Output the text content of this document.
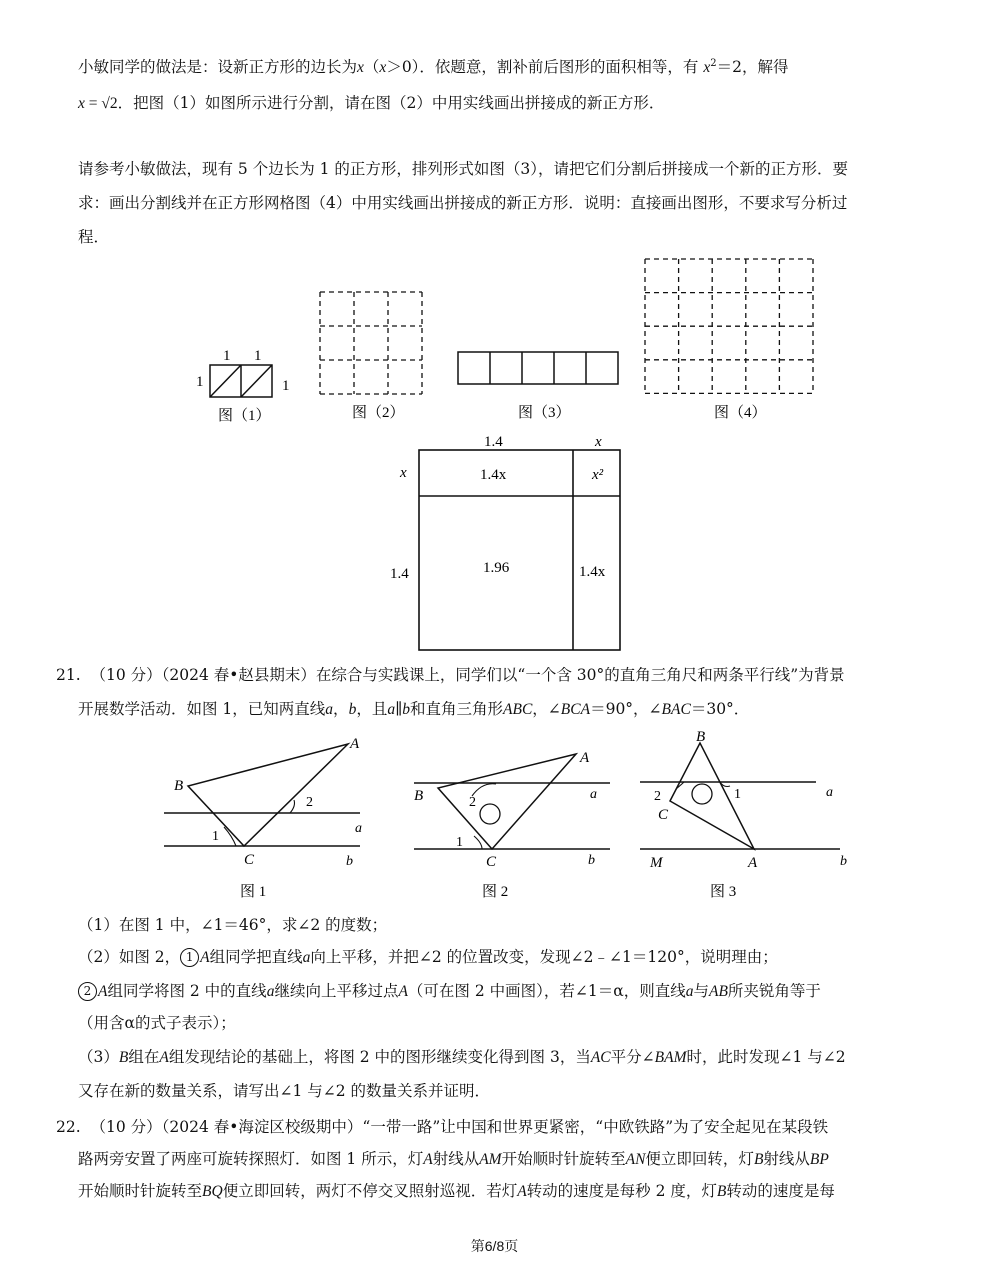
小敏同学的做法是：设新正方形的边长为x（x＞0）．依题意，割补前后图形的面积相等，有 $x^2=2$，解得
x = √2．把图（1）如图所示进行分割，请在图（2）中用实线画出拼接成的新正方形．
请参考小敏做法，现有 5 个边长为 1 的正方形，排列形式如图（3），请把它们分割后拼接成一个新的正方形．要
求：画出分割线并在正方形网格图（4）中用实线画出拼接成的新正方形．说明：直接画出图形，不要求写分析过
程．
1 1
1	1
图（1）	图（2）	图（3）	图（4）
1.4	x
x
1.4
1.4x	x²
1.96	1.4x
21. （10 分）（2024 春•赵县期末）在综合与实践课上，同学们以“一个含 30°的直角三角尺和两条平行线”为背景
开展数学活动．如图 1，已知两直线a，b，且a∥b和直角三角形ABC，∠BCA＝90°，∠BAC＝30°．
A
B
C
a
b
1
2
图 1
A
B
C
a
b
1
2
图 2
B
C
A
M
a
b
1
2
图 3
（1）在图 1 中，∠1＝46°，求∠2 的度数；
（2）如图 2， 1 A组同学把直线a向上平移，并把∠2 的位置改变，发现∠2﹣∠1＝120°，说明理由；
2 A组同学将图 2 中的直线a继续向上平移过点A（可在图 2 中画图），若∠1＝α，则直线a与AB所夹锐角等于
（用含α的式子表示）；
（3）B组在A组发现结论的基础上，将图 2 中的图形继续变化得到图 3，当AC平分∠BAM时，此时发现∠1 与∠2
又存在新的数量关系，请写出∠1 与∠2 的数量关系并证明．
22. （10 分）（2024 春•海淀区校级期中）“一带一路”让中国和世界更紧密，“中欧铁路”为了安全起见在某段铁
路两旁安置了两座可旋转探照灯．如图 1 所示，灯A射线从AM开始顺时针旋转至AN便立即回转，灯B射线从BP
开始顺时针旋转至BQ便立即回转，两灯不停交叉照射巡视．若灯A转动的速度是每秒 2 度，灯B转动的速度是每
第6/8页
